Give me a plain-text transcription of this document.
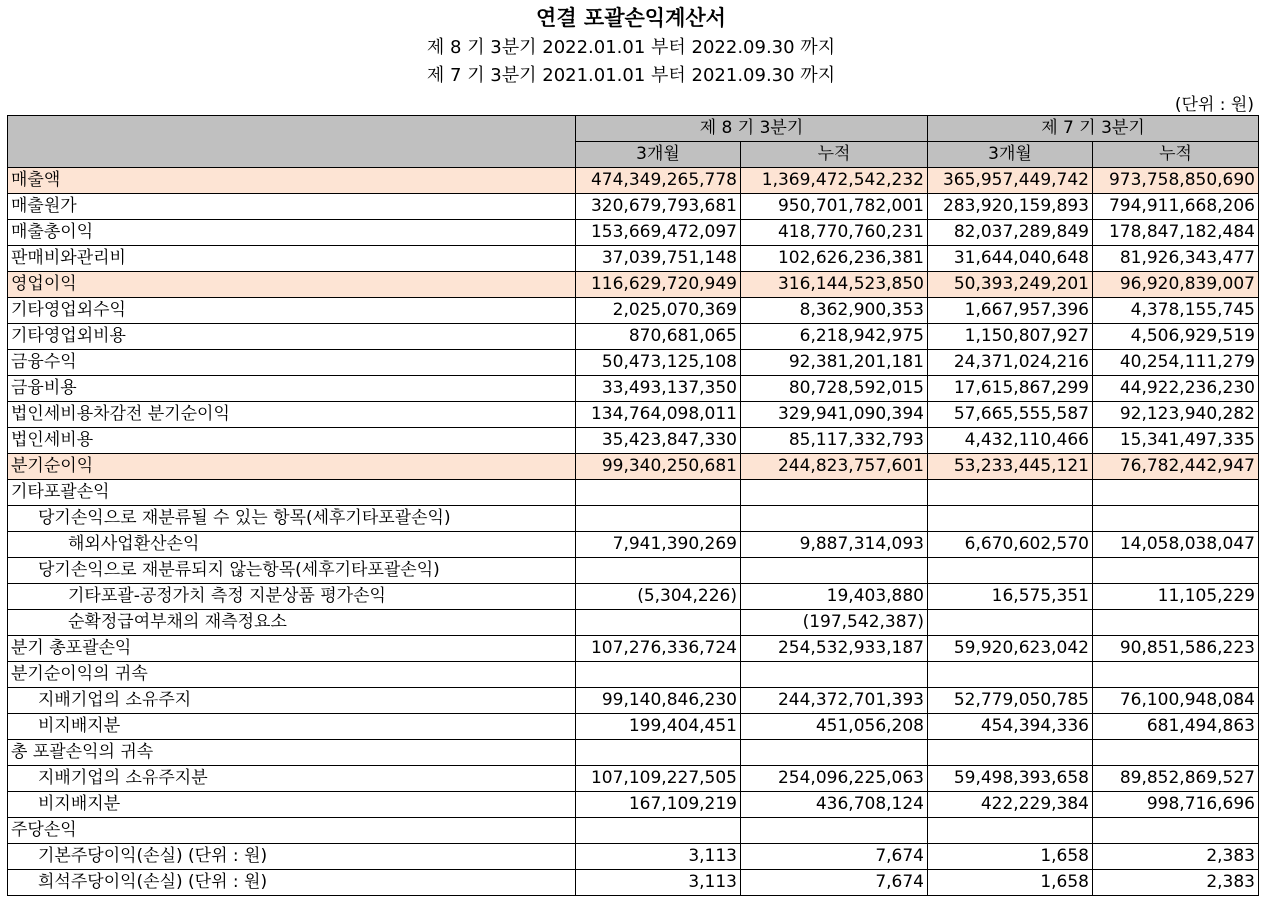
연결 포괄손익계산서
제 8 기 3분기 2022.01.01 부터 2022.09.30 까지
제 7 기 3분기 2021.01.01 부터 2021.09.30 까지
(단위 : 원)
	제 8 기 3분기		제 7 기 3분기	
	3개월	누적	3개월	누적
매출액	474,349,265,778	1,369,472,542,232	365,957,449,742	973,758,850,690
매출원가	320,679,793,681	950,701,782,001	283,920,159,893	794,911,668,206
매출총이익	153,669,472,097	418,770,760,231	82,037,289,849	178,847,182,484
판매비와관리비	37,039,751,148	102,626,236,381	31,644,040,648	81,926,343,477
영업이익	116,629,720,949	316,144,523,850	50,393,249,201	96,920,839,007
기타영업외수익	2,025,070,369	8,362,900,353	1,667,957,396	4,378,155,745
기타영업외비용	870,681,065	6,218,942,975	1,150,807,927	4,506,929,519
금융수익	50,473,125,108	92,381,201,181	24,371,024,216	40,254,111,279
금융비용	33,493,137,350	80,728,592,015	17,615,867,299	44,922,236,230
법인세비용차감전 분기순이익	134,764,098,011	329,941,090,394	57,665,555,587	92,123,940,282
법인세비용	35,423,847,330	85,117,332,793	4,432,110,466	15,341,497,335
분기순이익	99,340,250,681	244,823,757,601	53,233,445,121	76,782,442,947
기타포괄손익				
당기손익으로 재분류될 수 있는 항목(세후기타포괄손익)				
해외사업환산손익	7,941,390,269	9,887,314,093	6,670,602,570	14,058,038,047
당기손익으로 재분류되지 않는항목(세후기타포괄손익)				
기타포괄-공정가치 측정 지분상품 평가손익	(5,304,226)	19,403,880	16,575,351	11,105,229
순확정급여부채의 재측정요소		(197,542,387)		
분기 총포괄손익	107,276,336,724	254,532,933,187	59,920,623,042	90,851,586,223
분기순이익의 귀속				
지배기업의 소유주지	99,140,846,230	244,372,701,393	52,779,050,785	76,100,948,084
비지배지분	199,404,451	451,056,208	454,394,336	681,494,863
총 포괄손익의 귀속				
지배기업의 소유주지분	107,109,227,505	254,096,225,063	59,498,393,658	89,852,869,527
비지배지분	167,109,219	436,708,124	422,229,384	998,716,696
주당손익				
기본주당이익(손실) (단위 : 원)	3,113	7,674	1,658	2,383
희석주당이익(손실) (단위 : 원)	3,113	7,674	1,658	2,383
